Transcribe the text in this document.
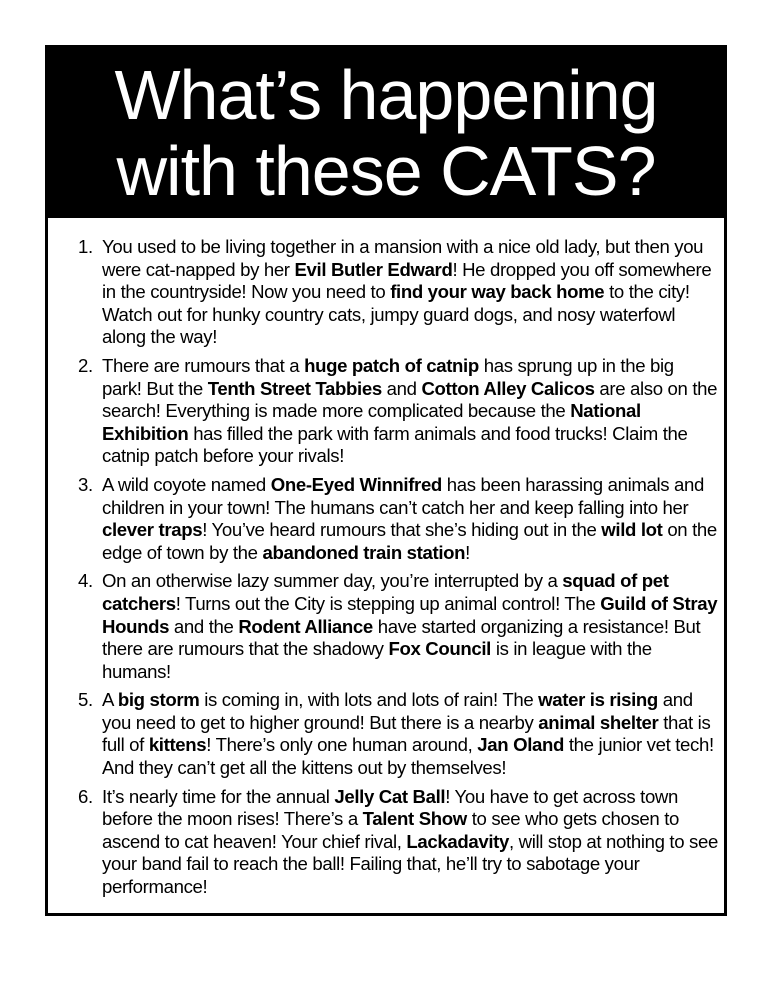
What’s happening
with these CATS?
1. You used to be living together in a mansion with a nice old lady, but then you were cat-napped by her Evil Butler Edward! He dropped you off somewhere in the countryside! Now you need to find your way back home to the city! Watch out for hunky country cats, jumpy guard dogs, and nosy waterfowl along the way!
2. There are rumours that a huge patch of catnip has sprung up in the big park! But the Tenth Street Tabbies and Cotton Alley Calicos are also on the search! Everything is made more complicated because the National Exhibition has filled the park with farm animals and food trucks! Claim the catnip patch before your rivals!
3. A wild coyote named One-Eyed Winnifred has been harassing animals and children in your town! The humans can’t catch her and keep falling into her clever traps! You’ve heard rumours that she’s hiding out in the wild lot on the edge of town by the abandoned train station!
4. On an otherwise lazy summer day, you’re interrupted by a squad of pet catchers! Turns out the City is stepping up animal control! The Guild of Stray Hounds and the Rodent Alliance have started organizing a resistance! But there are rumours that the shadowy Fox Council is in league with the humans!
5. A big storm is coming in, with lots and lots of rain! The water is rising and you need to get to higher ground! But there is a nearby animal shelter that is full of kittens! There’s only one human around, Jan Oland the junior vet tech! And they can’t get all the kittens out by themselves!
6. It’s nearly time for the annual Jelly Cat Ball! You have to get across town before the moon rises! There’s a Talent Show to see who gets chosen to ascend to cat heaven! Your chief rival, Lackadavity, will stop at nothing to see your band fail to reach the ball! Failing that, he’ll try to sabotage your performance!
